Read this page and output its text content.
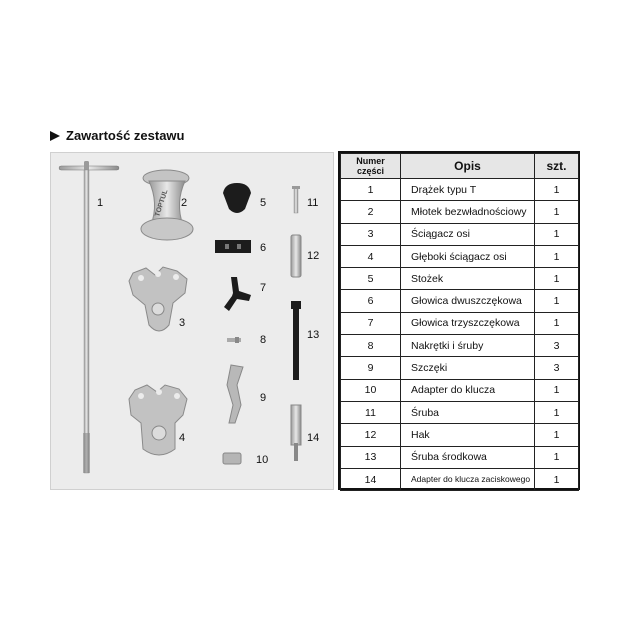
Zawartość zestawu
1	TOPTUL 2
3
4
5
6
7
8
9
10
11
12
13
14
Numer części	Opis	szt.
1	Drążek typu T	1
2	Młotek bezwładnościowy	1
3	Ściągacz osi	1
4	Głęboki ściągacz osi	1
5	Stożek	1
6	Głowica dwuszczękowa	1
7	Głowica trzyszczękowa	1
8	Nakrętki i śruby	3
9	Szczęki	3
10	Adapter do klucza	1
11	Śruba	1
12	Hak	1
13	Śruba środkowa	1
14	Adapter do klucza zaciskowego	1
